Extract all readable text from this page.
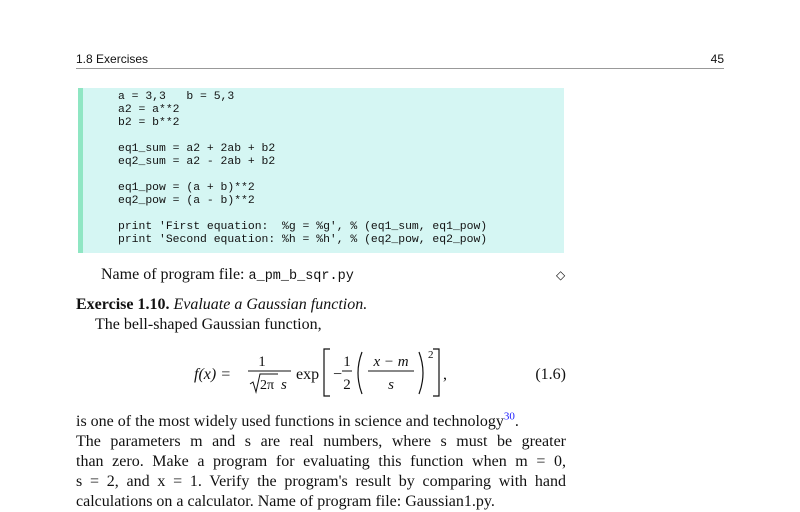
1.8 Exercises	45
a = 3,3   b = 5,3
a2 = a**2
b2 = b**2
eq1_sum = a2 + 2ab + b2
eq2_sum = a2 - 2ab + b2
eq1_pow = (a + b)**2
eq2_pow = (a - b)**2
print 'First equation:  %g = %g', % (eq1_sum, eq1_pow)
print 'Second equation: %h = %h', % (eq2_pow, eq2_pow)
Name of program file: a_pm_b_sqr.py	◇
Exercise 1.10. Evaluate a Gaussian function.
The bell-shaped Gaussian function,
f(x) =
1
2π s
exp −
1
2
x − m
s
2
,	(1.6)
is one of the most widely used functions in science and technology$^{30}$.
The parameters m and s are real numbers, where s must be greater
than zero. Make a program for evaluating this function when m = 0,
s = 2, and x = 1. Verify the program's result by comparing with hand
calculations on a calculator. Name of program file: Gaussian1.py.
